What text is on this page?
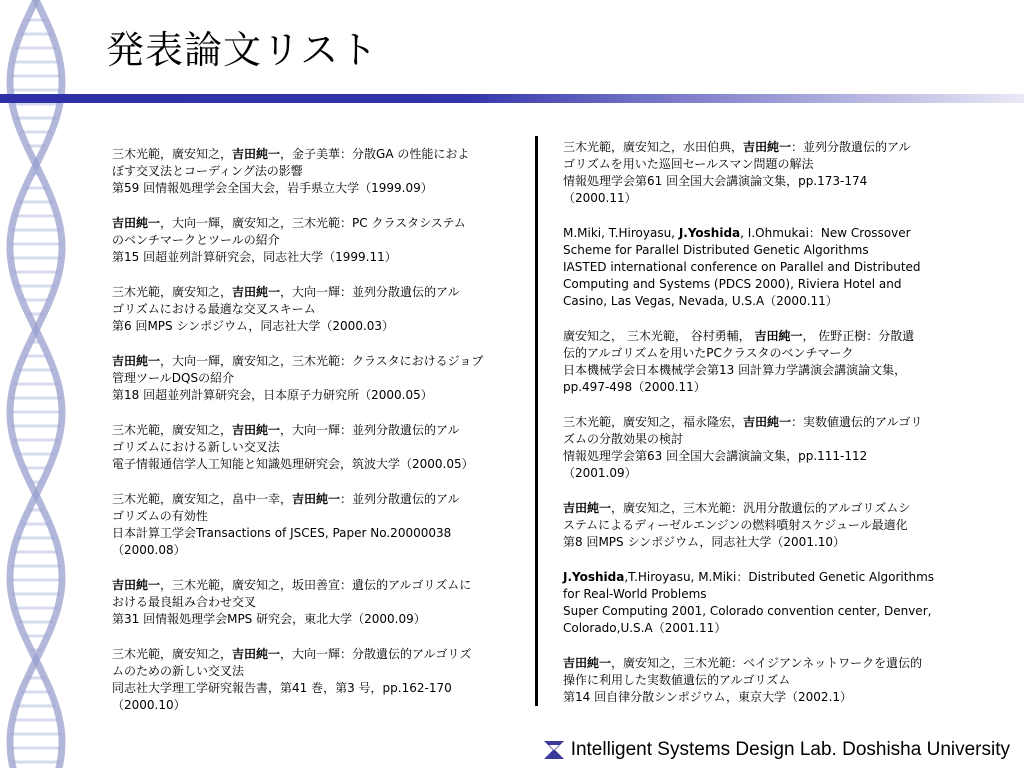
発表論文リスト
三木光範，廣安知之，吉田純一，金子美華：分散GA の性能におよ
ぼす交叉法とコーディング法の影響
第59 回情報処理学会全国大会，岩手県立大学（1999.09）
吉田純一，大向一輝，廣安知之，三木光範：PC クラスタシステム
のベンチマークとツールの紹介
第15 回超並列計算研究会，同志社大学（1999.11）
三木光範，廣安知之，吉田純一，大向一輝：並列分散遺伝的アル
ゴリズムにおける最適な交叉スキーム
第6 回MPS シンポジウム，同志社大学（2000.03）
吉田純一，大向一輝，廣安知之，三木光範：クラスタにおけるジョブ
管理ツールDQSの紹介
第18 回超並列計算研究会，日本原子力研究所（2000.05）
三木光範，廣安知之，吉田純一，大向一輝：並列分散遺伝的アル
ゴリズムにおける新しい交叉法
電子情報通信学人工知能と知識処理研究会，筑波大学（2000.05）
三木光範，廣安知之，畠中一幸，吉田純一：並列分散遺伝的アル
ゴリズムの有効性
日本計算工学会Transactions of JSCES, Paper No.20000038
（2000.08）
吉田純一，三木光範，廣安知之，坂田善宣：遺伝的アルゴリズムに
おける最良組み合わせ交叉
第31 回情報処理学会MPS 研究会，東北大学（2000.09）
三木光範，廣安知之，吉田純一，大向一輝：分散遺伝的アルゴリズ
ムのための新しい交叉法
同志社大学理工学研究報告書，第41 巻，第3 号，pp.162-170
（2000.10）
三木光範，廣安知之，水田伯典，吉田純一：並列分散遺伝的アル
ゴリズムを用いた巡回セールスマン問題の解法
情報処理学会第61 回全国大会講演論文集，pp.173-174
（2000.11）
M.Miki, T.Hiroyasu, J.Yoshida, I.Ohmukai：New Crossover
Scheme for Parallel Distributed Genetic Algorithms
IASTED international conference on Parallel and Distributed
Computing and Systems (PDCS 2000), Riviera Hotel and
Casino, Las Vegas, Nevada, U.S.A（2000.11）
廣安知之， 三木光範， 谷村勇輔， 吉田純一， 佐野正樹：分散遺
伝的アルゴリズムを用いたPCクラスタのベンチマーク
日本機械学会日本機械学会第13 回計算力学講演会講演論文集，
pp.497-498（2000.11）
三木光範，廣安知之，福永隆宏，吉田純一：実数値遺伝的アルゴリ
ズムの分散効果の検討
情報処理学会第63 回全国大会講演論文集，pp.111-112
（2001.09）
吉田純一，廣安知之，三木光範：汎用分散遺伝的アルゴリズムシ
ステムによるディーゼルエンジンの燃料噴射スケジュール最適化
第8 回MPS シンポジウム，同志社大学（2001.10）
J.Yoshida,T.Hiroyasu, M.Miki：Distributed Genetic Algorithms
for Real-World Problems
Super Computing 2001, Colorado convention center, Denver,
Colorado,U.S.A（2001.11）
吉田純一，廣安知之，三木光範：ベイジアンネットワークを遺伝的
操作に利用した実数値遺伝的アルゴリズム
第14 回自律分散シンポジウム，東京大学（2002.1）
Intelligent Systems Design Lab. Doshisha University
